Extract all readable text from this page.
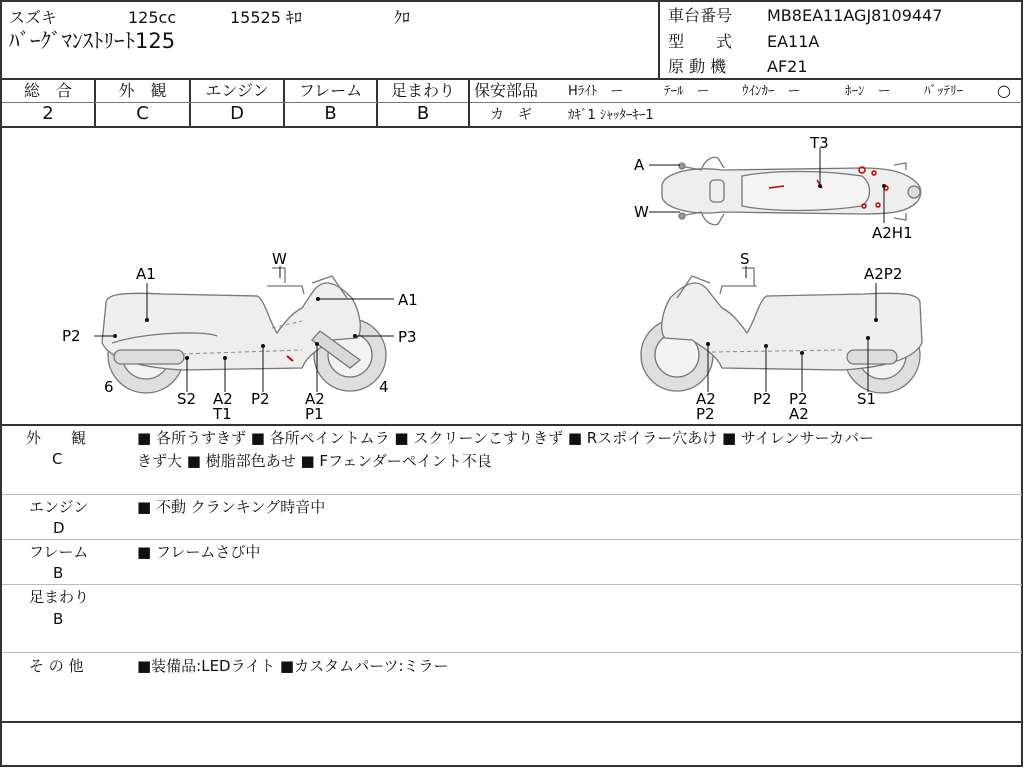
スズキ	125cc	15525 ｷﾛ	ｸﾛ
ﾊﾞｰｸﾞﾏﾝｽﾄﾘｰﾄ125
車台番号 MB8EA11AGJ8109447
型　　式 EA11A
原 動 機	AF21
総　合	外　観	エンジン	フレーム	足まわり
2	C	D	B	B
保安部品 Hﾗｲﾄ　ー	ﾃｰﾙ　ー ｳｲﾝｶｰ　ー	ﾎｰﾝ　ー	ﾊﾞｯﾃﾘｰ ○
カ　ギ	ｶｷﾞ1 ｼｬｯﾀｰｷｰ1
A
W
T3
A2H1
W
A1
A1
P2	P3
6	4
S2 A2
T1
P2 A2
P1
S
A2P2
A2
P2
P2 P2
A2
S1
外　　観
C
■ 各所うすきず ■ 各所ペイントムラ ■ スクリーンこすりきず ■ Rスポイラー穴あけ ■ サイレンサーカバー
きず大 ■ 樹脂部色あせ ■ Fフェンダーペイント不良
エンジン
D
■ 不動 クランキング時音中
フレーム
B
■ フレームさび中
足まわり
B
そ の 他	■装備品:LEDライト ■カスタムパーツ:ミラー
